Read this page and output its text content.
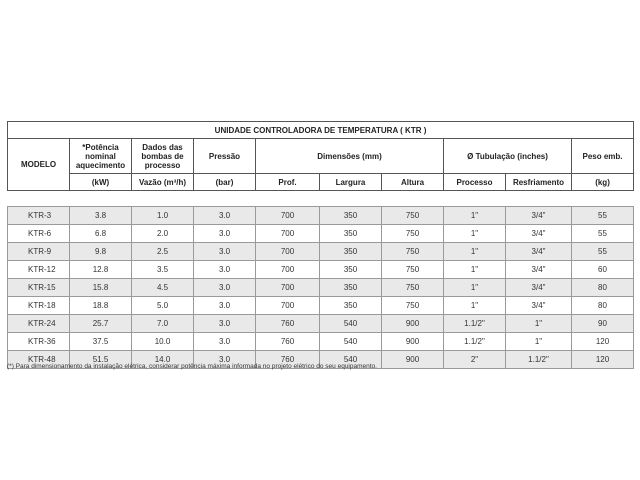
UNIDADE CONTROLADORA DE TEMPERATURA ( KTR )									
MODELO	*Potência nominal aquecimento	Dados das bombas de processo	Pressão	Dimensões (mm)			Ø Tubulação (inches)		Peso emb.
	(kW)	Vazão (m³/h)	(bar)	Prof.	Largura	Altura	Processo	Resfriamento	(kg)
KTR-3	3.8	1.0	3.0	700	350	750	1"	3/4"	55
KTR-6	6.8	2.0	3.0	700	350	750	1"	3/4"	55
KTR-9	9.8	2.5	3.0	700	350	750	1"	3/4"	55
KTR-12	12.8	3.5	3.0	700	350	750	1"	3/4"	60
KTR-15	15.8	4.5	3.0	700	350	750	1"	3/4"	80
KTR-18	18.8	5.0	3.0	700	350	750	1"	3/4"	80
KTR-24	25.7	7.0	3.0	760	540	900	1.1/2"	1"	90
KTR-36	37.5	10.0	3.0	760	540	900	1.1/2"	1"	120
KTR-48	51.5	14.0	3.0	760	540	900	2"	1.1/2"	120
(*) Para dimensionamento da instalação elétrica, considerar potência máxima informada no projeto elétrico do seu equipamento.
